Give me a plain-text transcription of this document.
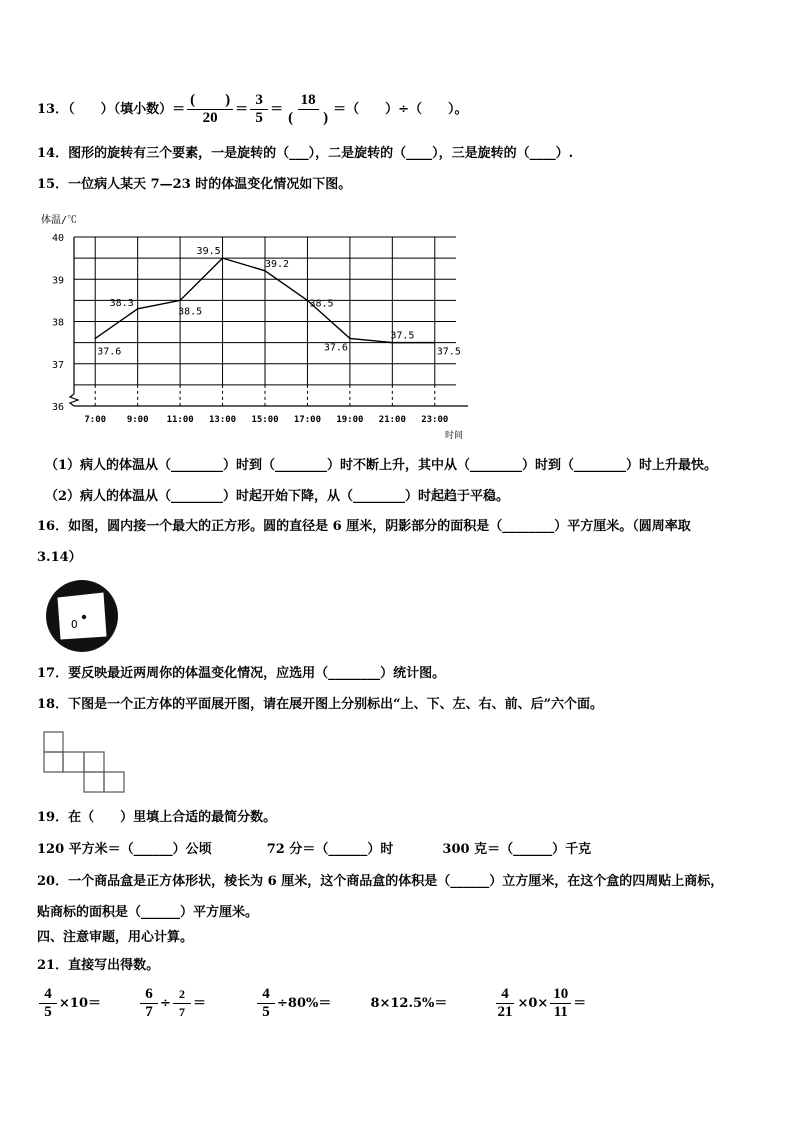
13．（　　）（填小数）＝ $\frac{( )}{20} = \frac{3}{5} = \frac{18}{( )}$ ＝（　　）÷（　　）。
14．图形的旋转有三个要素，一是旋转的（___），二是旋转的（____），三是旋转的（____）.
15．一位病人某天 7—23 时的体温变化情况如下图。
体温/℃
36
37
38
39
40
7:00 9:00 11:00 13:00 15:00 17:00 19:00 21:00 23:00
37.6
38.3
38.5
39.5
39.2
38.5
37.6
37.5
37.5
时间
（1）病人的体温从（________）时到（________）时不断上升，其中从（________）时到（________）时上升最快。
（2）病人的体温从（________）时起开始下降，从（________）时起趋于平稳。
16．如图，圆内接一个最大的正方形。圆的直径是 6 厘米，阴影部分的面积是（________）平方厘米。（圆周率取
3.14）
O
17．要反映最近两周你的体温变化情况，应选用（________）统计图。
18．下图是一个正方体的平面展开图，请在展开图上分别标出“上、下、左、右、前、后”六个面。
19．在（　　）里填上合适的最简分数。
120 平方米＝（______）公顷	72 分＝（______）时	300 克＝（______）千克
20．一个商品盒是正方体形状，棱长为 6 厘米，这个商品盒的体积是（______）立方厘米，在这个盒的四周贴上商标，
贴商标的面积是（______）平方厘米。
四、注意审题，用心计算。
21．直接写出得数。
$\frac{4}{5} \times 10=$	$\frac{6}{7} \div \frac{2}{7}$ ＝	$\frac{4}{5} \div 80\%=$	8×12.5%＝	$\frac{4}{21} \times 0\times \frac{10}{11}$ ＝
